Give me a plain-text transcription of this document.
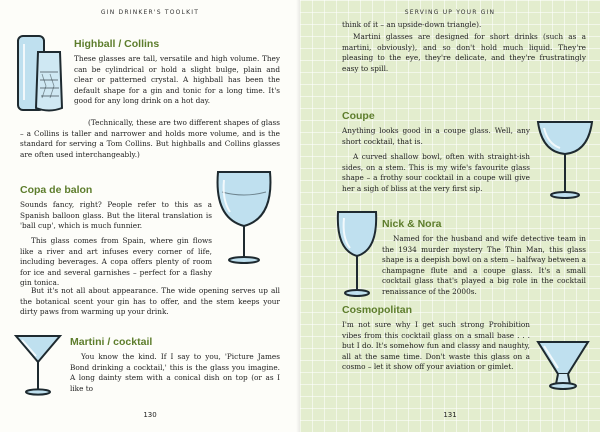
GIN DRINKER'S TOOLKIT
Highball / Collins

These glasses are tall, versatile and high volume. They can be cylindrical or hold a slight bulge, plain and clear or patterned crystal. A highball has been the default shape for a gin and tonic for a long time. It's good for any long drink on a hot day.

(Technically, these are two different shapes of glass – a Collins is taller and narrower and holds more volume, and is the standard for serving a Tom Collins. But highballs and Collins glasses are often used interchangeably.)

Copa de balon

Sounds fancy, right? People refer to this as a Spanish balloon glass. But the literal translation is 'ball cup', which is much funnier.

This glass comes from Spain, where gin flows like a river and art infuses every corner of life, including beverages. A copa offers plenty of room for ice and several garnishes – perfect for a flashy gin tonica.

But it's not all about appearance. The wide opening serves up all the botanical scent your gin has to offer, and the stem keeps your dirty paws from warming up your drink.

Martini / cocktail

You know the kind. If I say to you, 'Picture James Bond drinking a cocktail,' this is the glass you imagine. A long dainty stem with a conical dish on top (or as I like to

130
SERVING UP YOUR GIN

think of it – an upside-down triangle).

Martini glasses are designed for short drinks (such as a martini, obviously), and so don't hold much liquid. They're pleasing to the eye, they're delicate, and they're frustratingly easy to spill.

Coupe

Anything looks good in a coupe glass. Well, any short cocktail, that is.

A curved shallow bowl, often with straight-ish sides, on a stem. This is my wife's favourite glass shape – a frothy sour cocktail in a coupe will give her a sigh of bliss at the very first sip.

Nick & Nora

Named for the husband and wife detective team in the 1934 murder mystery The Thin Man, this glass shape is a deepish bowl on a stem – halfway between a champagne flute and a coupe glass. It's a small cocktail glass that's played a big role in the cocktail renaissance of the 2000s.

Cosmopolitan

I'm not sure why I get such strong Prohibition vibes from this cocktail glass on a small base . . . but I do. It's somehow fun and classy and naughty, all at the same time. Don't waste this glass on a cosmo – let it show off your aviation or gimlet.

131
